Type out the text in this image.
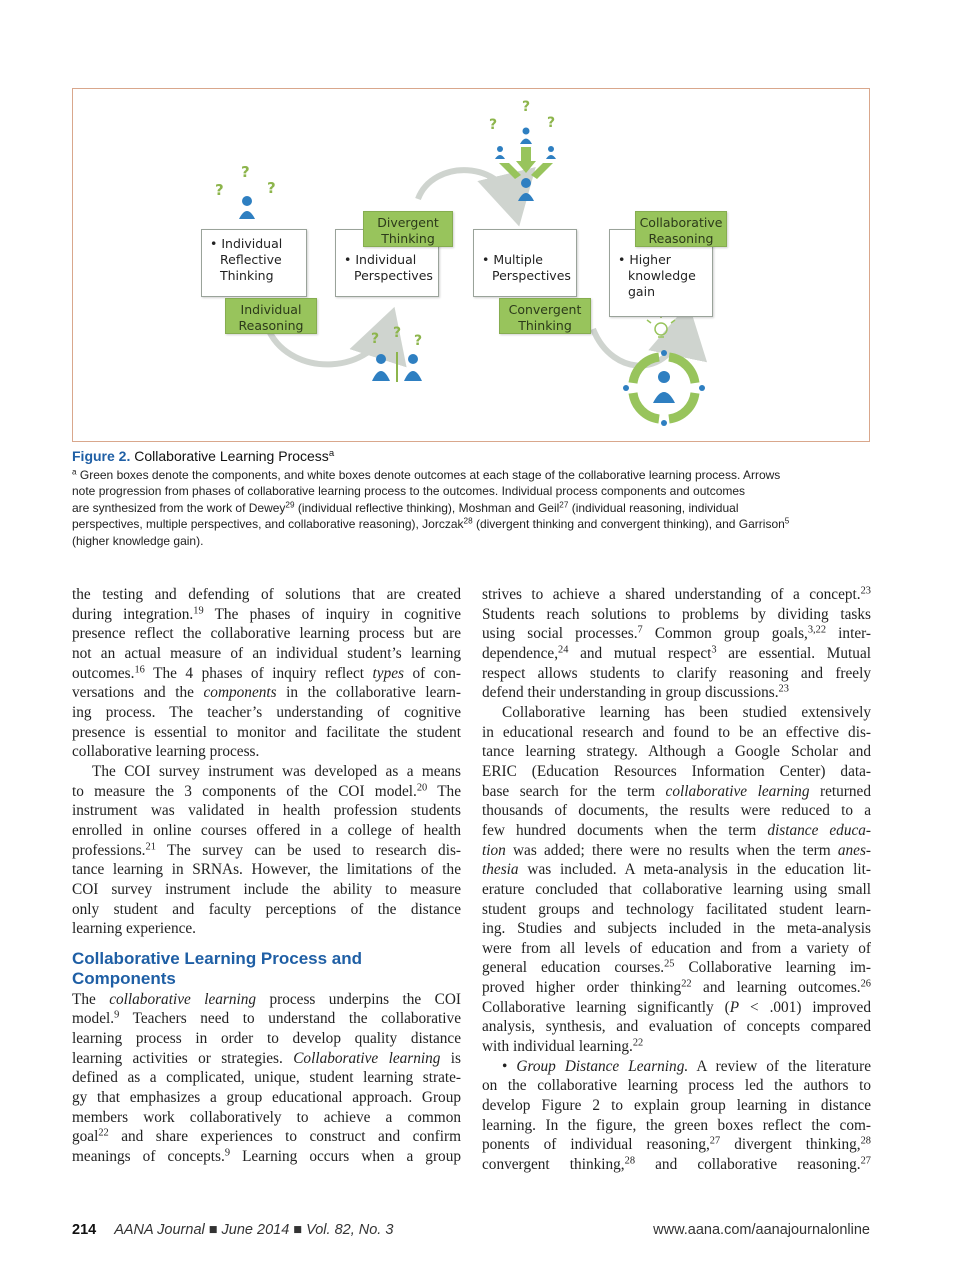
?
?	?
? ? ?
?
?	?
• Individual
Reflective
Thinking
• Individual
Perspectives
• Multiple
Perspectives
• Higher
knowledge
gain
Individual Reasoning
Divergent Thinking
Convergent Thinking
Collaborative Reasoning
Figure 2. Collaborative Learning Process$^a$
$^a$ Green boxes denote the components, and white boxes denote outcomes at each stage of the collaborative learning process. Arrows
note progression from phases of collaborative learning process to the outcomes. Individual process components and outcomes
are synthesized from the work of Dewey$^{29}$ (individual reflective thinking), Moshman and Geil$^{27}$ (individual reasoning, individual
perspectives, multiple perspectives, and collaborative reasoning), Jorczak$^{28}$ (divergent thinking and convergent thinking), and Garrison$^5$
(higher knowledge gain).
the testing and defending of solutions that are created
during integration.$^{19}$ The phases of inquiry in cognitive
presence reflect the collaborative learning process but are
not an actual measure of an individual student’s learning
outcomes.$^{16}$ The 4 phases of inquiry reflect types of con-
versations and the components in the collaborative learn-
ing process. The teacher’s understanding of cognitive
presence is essential to monitor and facilitate the student
collaborative learning process.
The COI survey instrument was developed as a means
to measure the 3 components of the COI model.$^{20}$ The
instrument was validated in health profession students
enrolled in online courses offered in a college of health
professions.$^{21}$ The survey can be used to research dis-
tance learning in SRNAs. However, the limitations of the
COI survey instrument include the ability to measure
only student and faculty perceptions of the distance
learning experience.
Collaborative Learning Process and
Components
The collaborative learning process underpins the COI
model.$^9$ Teachers need to understand the collaborative
learning process in order to develop quality distance
learning activities or strategies. Collaborative learning is
defined as a complicated, unique, student learning strate-
gy that emphasizes a group educational approach. Group
members work collaboratively to achieve a common
goal$^{22}$ and share experiences to construct and confirm
meanings of concepts.$^9$ Learning occurs when a group
strives to achieve a shared understanding of a concept.$^{23}$
Students reach solutions to problems by dividing tasks
using social processes.$^7$ Common group goals,$^{3,22}$ inter-
dependence,$^{24}$ and mutual respect$^3$ are essential. Mutual
respect allows students to clarify reasoning and freely
defend their understanding in group discussions.$^{23}$
Collaborative learning has been studied extensively
in educational research and found to be an effective dis-
tance learning strategy. Although a Google Scholar and
ERIC (Education Resources Information Center) data-
base search for the term collaborative learning returned
thousands of documents, the results were reduced to a
few hundred documents when the term distance educa-
tion was added; there were no results when the term anes-
thesia was included. A meta-analysis in the education lit-
erature concluded that collaborative learning using small
student groups and technology facilitated student learn-
ing. Studies and subjects included in the meta-analysis
were from all levels of education and from a variety of
general education courses.$^{25}$ Collaborative learning im-
proved higher order thinking$^{22}$ and learning outcomes.$^{26}$
Collaborative learning significantly (P < .001) improved
analysis, synthesis, and evaluation of concepts compared
with individual learning.$^{22}$
• Group Distance Learning. A review of the literature
on the collaborative learning process led the authors to
develop Figure 2 to explain group learning in distance
learning. In the figure, the green boxes reflect the com-
ponents of individual reasoning,$^{27}$ divergent thinking,$^{28}$
convergent thinking,$^{28}$ and collaborative reasoning.$^{27}$
214 AANA Journal ■ June 2014 ■ Vol. 82, No. 3	www.aana.com/aanajournalonline
